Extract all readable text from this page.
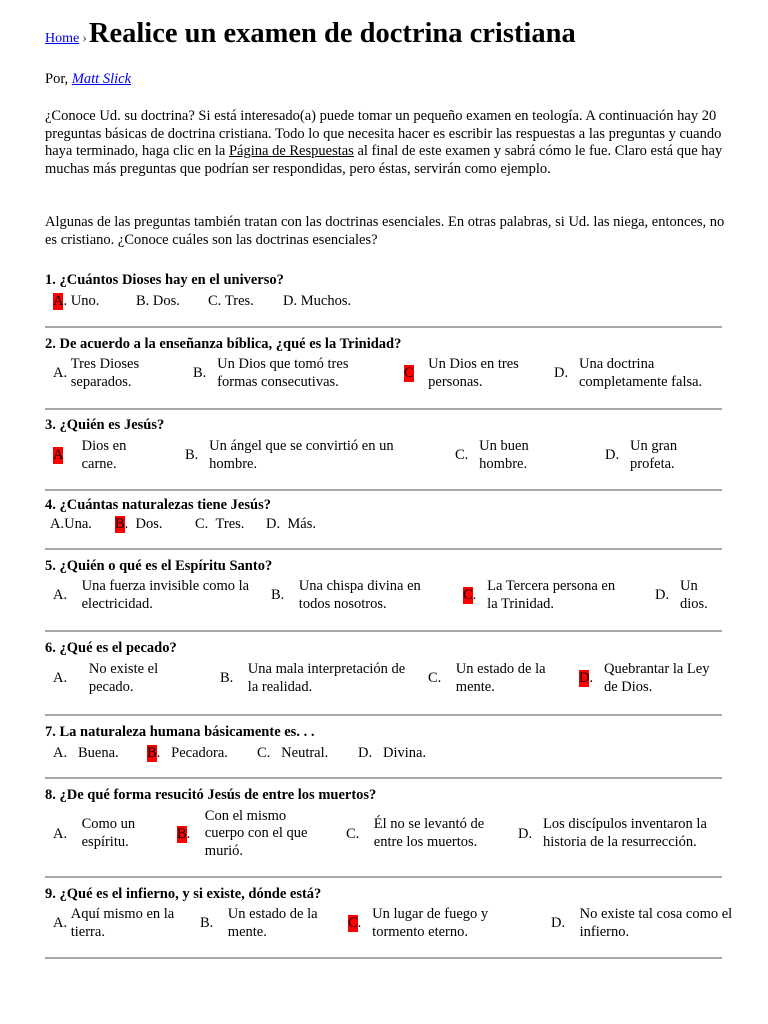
Home ›Realice un examen de doctrina cristiana
Por, Matt Slick
¿Conoce Ud. su doctrina? Si está interesado(a) puede tomar un pequeño examen en teología. A continuación hay 20 preguntas básicas de doctrina cristiana. Todo lo que necesita hacer es escribir las respuestas a las preguntas y cuando haya terminado, haga clic en la Página de Respuestas al final de este examen y sabrá cómo le fue. Claro está que hay muchas más preguntas que podrían ser respondidas, pero éstas, servirán como ejemplo.
Algunas de las preguntas también tratan con las doctrinas esenciales. En otras palabras, si Ud. las niega, entonces, no es cristiano. ¿Conoce cuáles son las doctrinas esenciales?
1. ¿Cuántos Dioses hay en el universo?
A .
Uno.	B .
Dos. C .
Tres. D .
Muchos.
2. De acuerdo a la enseñanza bíblica, ¿qué es la Trinidad?
A .

Tres Dioses separados.
B .

Un Dios que tomó tres formas consecutivas.
C

Un Dios en tres personas.
D .

Una doctrina completamente falsa.
3. ¿Quién es Jesús?
A

Dios en carne.
B .

Un ángel que se convirtió en un hombre.
C .

Un buen hombre.
D .

Un gran profeta.
4. ¿Cuántas naturalezas tiene Jesús?
A . Una. B .
Dos. C .
Tres. D .
Más.
5. ¿Quién o qué es el Espíritu Santo?
A .

Una fuerza invisible como la electricidad.
B .

Una chispa divina en todos nosotros.
C .

La Tercera persona en la Trinidad.
D .

Un dios.
6. ¿Qué es el pecado?
A .

No existe el pecado.
B .

Una mala interpretación de la realidad.
C .

Un estado de la mente.
D .

Quebrantar la Ley de Dios.
7. La naturaleza humana básicamente es. . .
A .
Buena. B .
Pecadora. C .
Neutral. D .
Divina.
8. ¿De qué forma resucitó Jesús de entre los muertos?
A .

Como un espíritu.
B .

Con el mismo cuerpo con el que murió.
C .

Él no se levantó de entre los muertos.
D .

Los discípulos inventaron la historia de la resurrección.
9. ¿Qué es el infierno, y si existe, dónde está?
A .

Aquí mismo en la tierra.
B .

Un estado de la mente.
C .

Un lugar de fuego y tormento eterno.
D .

No existe tal cosa como el infierno.
